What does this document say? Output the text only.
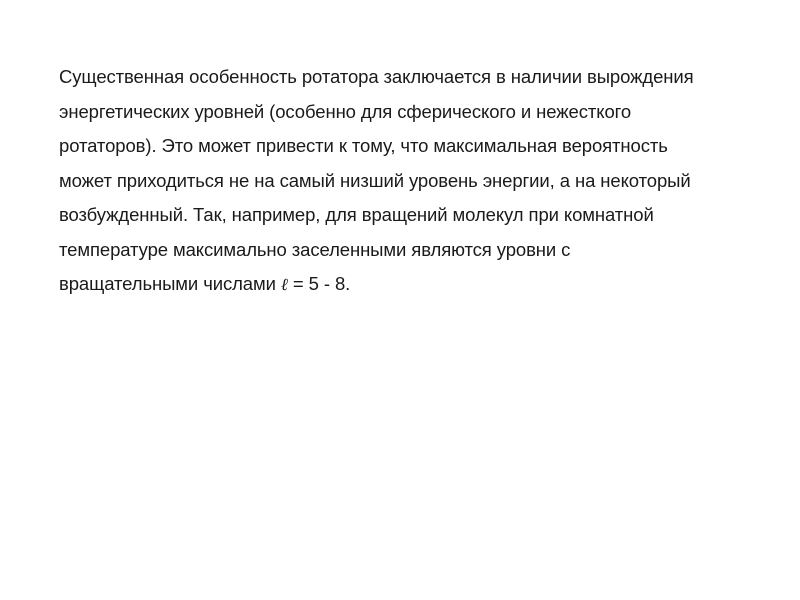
Существенная особенность ротатора заключается в наличии вырождения
энергетических уровней (особенно для сферического и нежесткого
ротаторов). Это может привести к тому, что максимальная вероятность
может приходиться не на самый низший уровень энергии, а на некоторый
возбужденный. Так, например, для вращений молекул при комнатной
температуре максимально заселенными являются уровни с
вращательными числами ℓ = 5 - 8.
